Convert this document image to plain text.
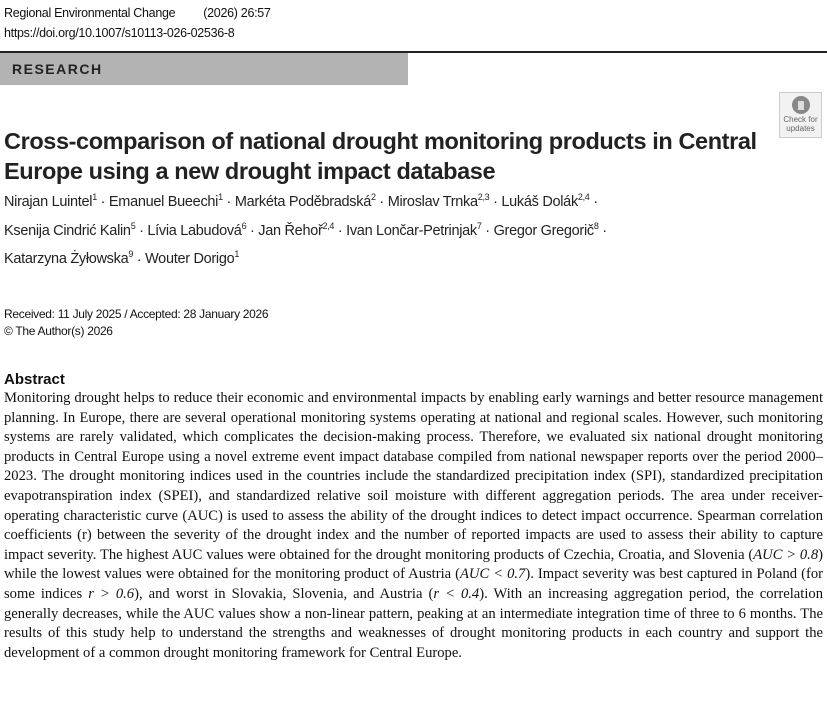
Regional Environmental Change (2026) 26:57
https://doi.org/10.1007/s10113-026-02536-8
RESEARCH
Check for
updates
Cross-comparison of national drought monitoring products in Central Europe using a new drought impact database
Nirajan Luintel$^1$ · Emanuel Bueechi$^1$ · Markéta Poděbradská$^2$ · Miroslav Trnka$^{2,3}$ · Lukáš Dolák$^{2,4}$ ·
Ksenija Cindrić Kalin$^5$ · Lívia Labudová$^6$ · Jan Řehoř$^{2,4}$ · Ivan Lončar-Petrinjak$^7$ · Gregor Gregorič$^8$ ·
Katarzyna Żyłowska$^9$ · Wouter Dorigo$^1$
Received: 11 July 2025 / Accepted: 28 January 2026
© The Author(s) 2026
Abstract
Monitoring drought helps to reduce their economic and environmental impacts by enabling early warnings and better resource management planning. In Europe, there are several operational monitoring systems operating at national and regional scales. However, such monitoring systems are rarely validated, which complicates the decision-making process. Therefore, we evaluated six national drought monitoring products in Central Europe using a novel extreme event impact database compiled from national newspaper reports over the period 2000–2023. The drought monitoring indices used in the countries include the standardized precipitation index (SPI), standardized precipitation evapotranspiration index (SPEI), and standardized relative soil moisture with different aggregation periods. The area under receiver-operating characteristic curve (AUC) is used to assess the ability of the drought indices to detect impact occurrence. Spearman correlation coefficients (r) between the severity of the drought index and the number of reported impacts are used to assess their ability to capture impact severity. The highest AUC values were obtained for the drought monitoring products of Czechia, Croatia, and Slovenia (AUC > 0.8) while the lowest values were obtained for the monitoring product of Austria (AUC < 0.7). Impact severity was best captured in Poland (for some indices r > 0.6), and worst in Slovakia, Slovenia, and Austria (r < 0.4). With an increasing aggregation period, the correlation generally decreases, while the AUC values show a non-linear pattern, peaking at an intermediate integration time of three to 6 months. The results of this study help to understand the strengths and weaknesses of drought monitoring products in each country and support the development of a common drought monitoring framework for Central Europe.
